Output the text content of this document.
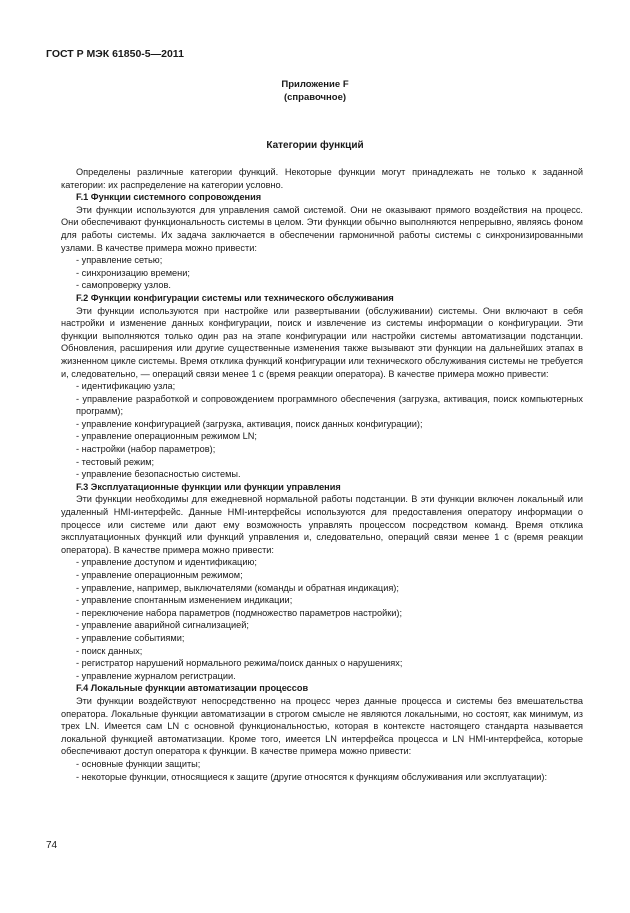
ГОСТ Р МЭК 61850-5—2011
Приложение F
(справочное)
Категории функций

Определены различные категории функций. Некоторые функции могут принадлежать не только к заданной категории: их распределение на категории условно.

F.1 Функции системного сопровождения

Эти функции используются для управления самой системой. Они не оказывают прямого воздействия на процесс. Они обеспечивают функциональность системы в целом. Эти функции обычно выполняются непрерывно, являясь фоном для работы системы. Их задача заключается в обеспечении гармоничной работы системы с синхронизированными узлами. В качестве примера можно привести:

- управление сетью;
- синхронизацию времени;
- самопроверку узлов.
F.2 Функции конфигурации системы или технического обслуживания

Эти функции используются при настройке или развертывании (обслуживании) системы. Они включают в себя настройки и изменение данных конфигурации, поиск и извлечение из системы информации о конфигурации. Эти функции выполняются только один раз на этапе конфигурации или настройки системы автоматизации подстанции. Обновления, расширения или другие существенные изменения также вызывают эти функции на дальнейших этапах в жизненном цикле системы. Время отклика функций конфигурации или технического обслуживания системы не требуется и, следовательно, — операций связи менее 1 с (время реакции оператора). В качестве примера можно привести:

- идентификацию узла;
- управление разработкой и сопровождением программного обеспечения (загрузка, активация, поиск компьютерных программ);
- управление конфигурацией (загрузка, активация, поиск данных конфигурации);
- управление операционным режимом LN;
- настройки (набор параметров);
- тестовый режим;
- управление безопасностью системы.
F.3 Эксплуатационные функции или функции управления

Эти функции необходимы для ежедневной нормальной работы подстанции. В эти функции включен локальный или удаленный HMI-интерфейс. Данные HMI-интерфейсы используются для предоставления оператору информации о процессе или системе или дают ему возможность управлять процессом посредством команд. Время отклика эксплуатационных функций или функций управления и, следовательно, операций связи менее 1 с (время реакции оператора). В качестве примера можно привести:

- управление доступом и идентификацию;
- управление операционным режимом;
- управление, например, выключателями (команды и обратная индикация);
- управление спонтанным изменением индикации;
- переключение набора параметров (подмножество параметров настройки);
- управление аварийной сигнализацией;
- управление событиями;
- поиск данных;
- регистратор нарушений нормального режима/поиск данных о нарушениях;
- управление журналом регистрации.
F.4 Локальные функции автоматизации процессов

Эти функции воздействуют непосредственно на процесс через данные процесса и системы без вмешательства оператора. Локальные функции автоматизации в строгом смысле не являются локальными, но состоят, как минимум, из трех LN. Имеется сам LN с основной функциональностью, которая в контексте настоящего стандарта называется локальной функцией автоматизации. Кроме того, имеется LN интерфейса процесса и LN HMI-интерфейса, которые обеспечивают доступ оператора к функции. В качестве примера можно привести:

- основные функции защиты;
- некоторые функции, относящиеся к защите (другие относятся к функциям обслуживания или эксплуатации):
74
